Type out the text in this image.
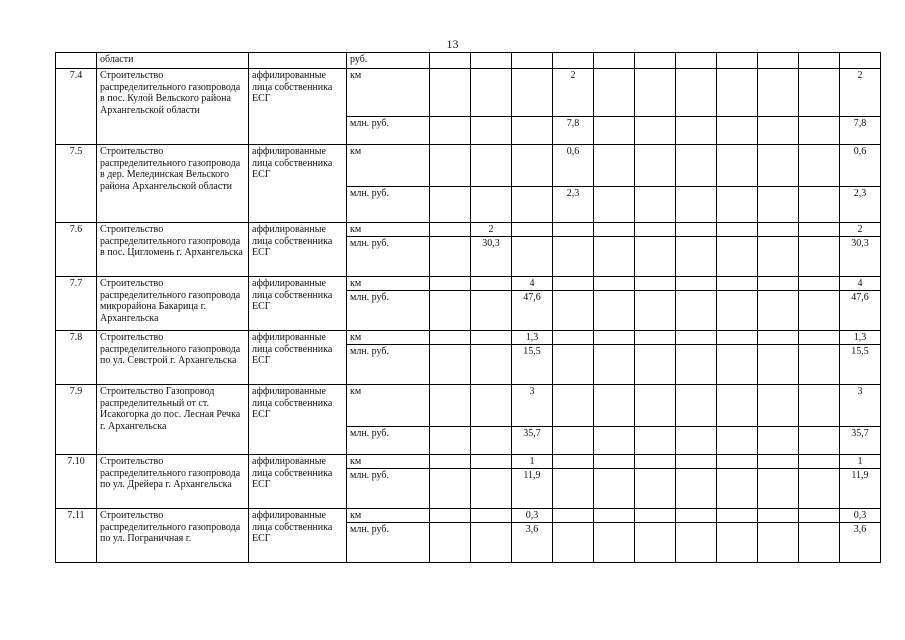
13
	области		руб.											
7.4	Строительство распределительного газопровода в пос. Кулой Вельского района Архангельской области	аффилированные лица собственника ЕСГ	км				2							2
			млн. руб.				7,8							7,8
7.5	Строительство распределительного газопровода в дер. Мелединская Вельского района Архангельской области	аффилированные лица собственника ЕСГ	км				0,6							0,6
			млн. руб.				2,3							2,3
7.6	Строительство распределительного газопровода в пос. Цигломень г. Архангельска	аффилированные лица собственника ЕСГ	км		2									2
			млн. руб.		30,3									30,3
7.7	Строительство распределительного газопровода микрорайона Бакарица г. Архангельска	аффилированные лица собственника ЕСГ	км			4								4
			млн. руб.			47,6								47,6
7.8	Строительство распределительного газопровода по ул. Севстрой г. Архангельска	аффилированные лица собственника ЕСГ	км			1,3								1,3
			млн. руб.			15,5								15,5
7.9	Строительство Газопровод распределительный от ст. Исакогорка до пос. Лесная Речка г. Архангельска	аффилированные лица собственника ЕСГ	км			3								3
			млн. руб.			35,7								35,7
7.10	Строительство распределительного газопровода по ул. Дрейера г. Архангельска	аффилированные лица собственника ЕСГ	км			1								1
			млн. руб.			11,9								11,9
7.11	Строительство распределительного газопровода по ул. Пограничная г.	аффилированные лица собственника ЕСГ	км			0,3								0,3
			млн. руб.			3,6								3,6
